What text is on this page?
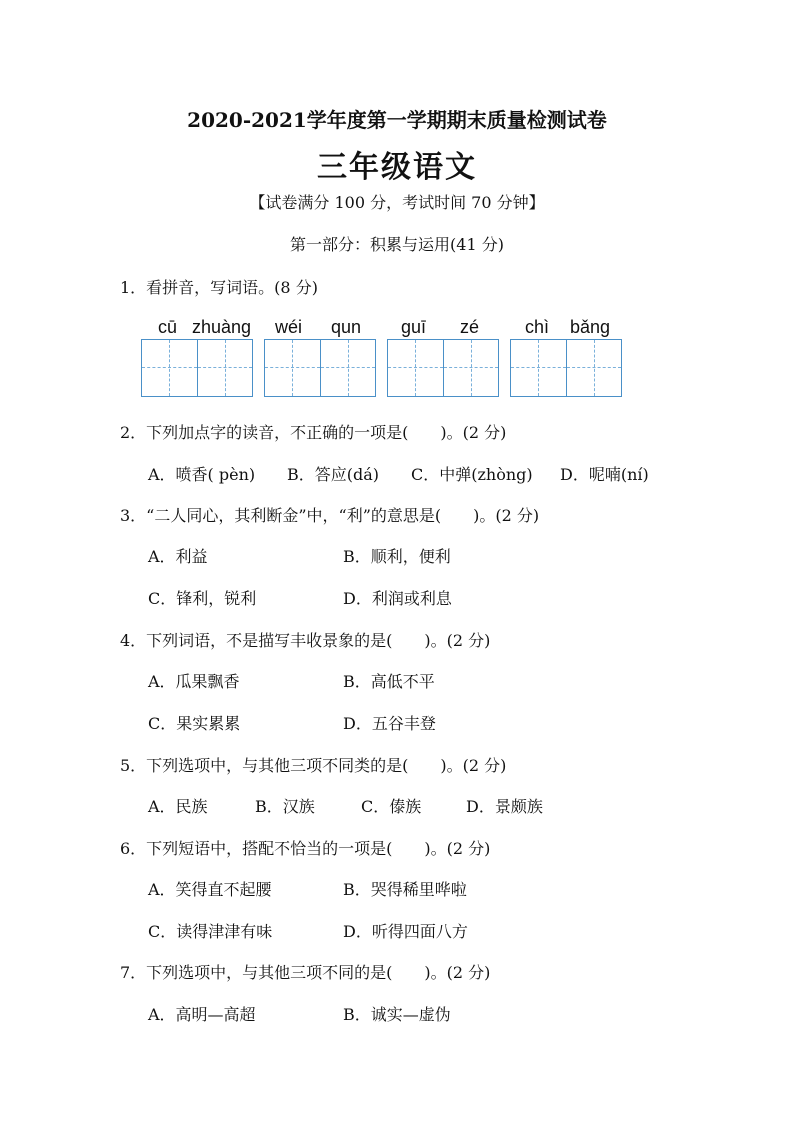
2020-2021学年度第一学期期末质量检测试卷
三年级语文
【试卷满分 100 分，考试时间 70 分钟】
第一部分：积累与运用(41 分)
1．看拼音，写词语。(8 分)
cū zhuàng wéi qun guī zé	chì bǎng
2．下列加点字的读音，不正确的一项是(　　)。(2 分)
A．喷香( pèn) B．答应(dá) C．中弹(zhòng) D．呢喃(ní)
3．“二人同心，其利断金”中，“利”的意思是(　　)。(2 分)
A．利益	B．顺利，便利
C．锋利，锐利	D．利润或利息
4．下列词语，不是描写丰收景象的是(　　)。(2 分)
A．瓜果飘香	B．高低不平
C．果实累累	D．五谷丰登
5．下列选项中，与其他三项不同类的是(　　)。(2 分)
A．民族	B．汉族	C．傣族	D．景颇族
6．下列短语中，搭配不恰当的一项是(　　)。(2 分)
A．笑得直不起腰	B．哭得稀里哗啦
C．读得津津有味	D．听得四面八方
7．下列选项中，与其他三项不同的是(　　)。(2 分)
A．高明—高超	B．诚实—虚伪
